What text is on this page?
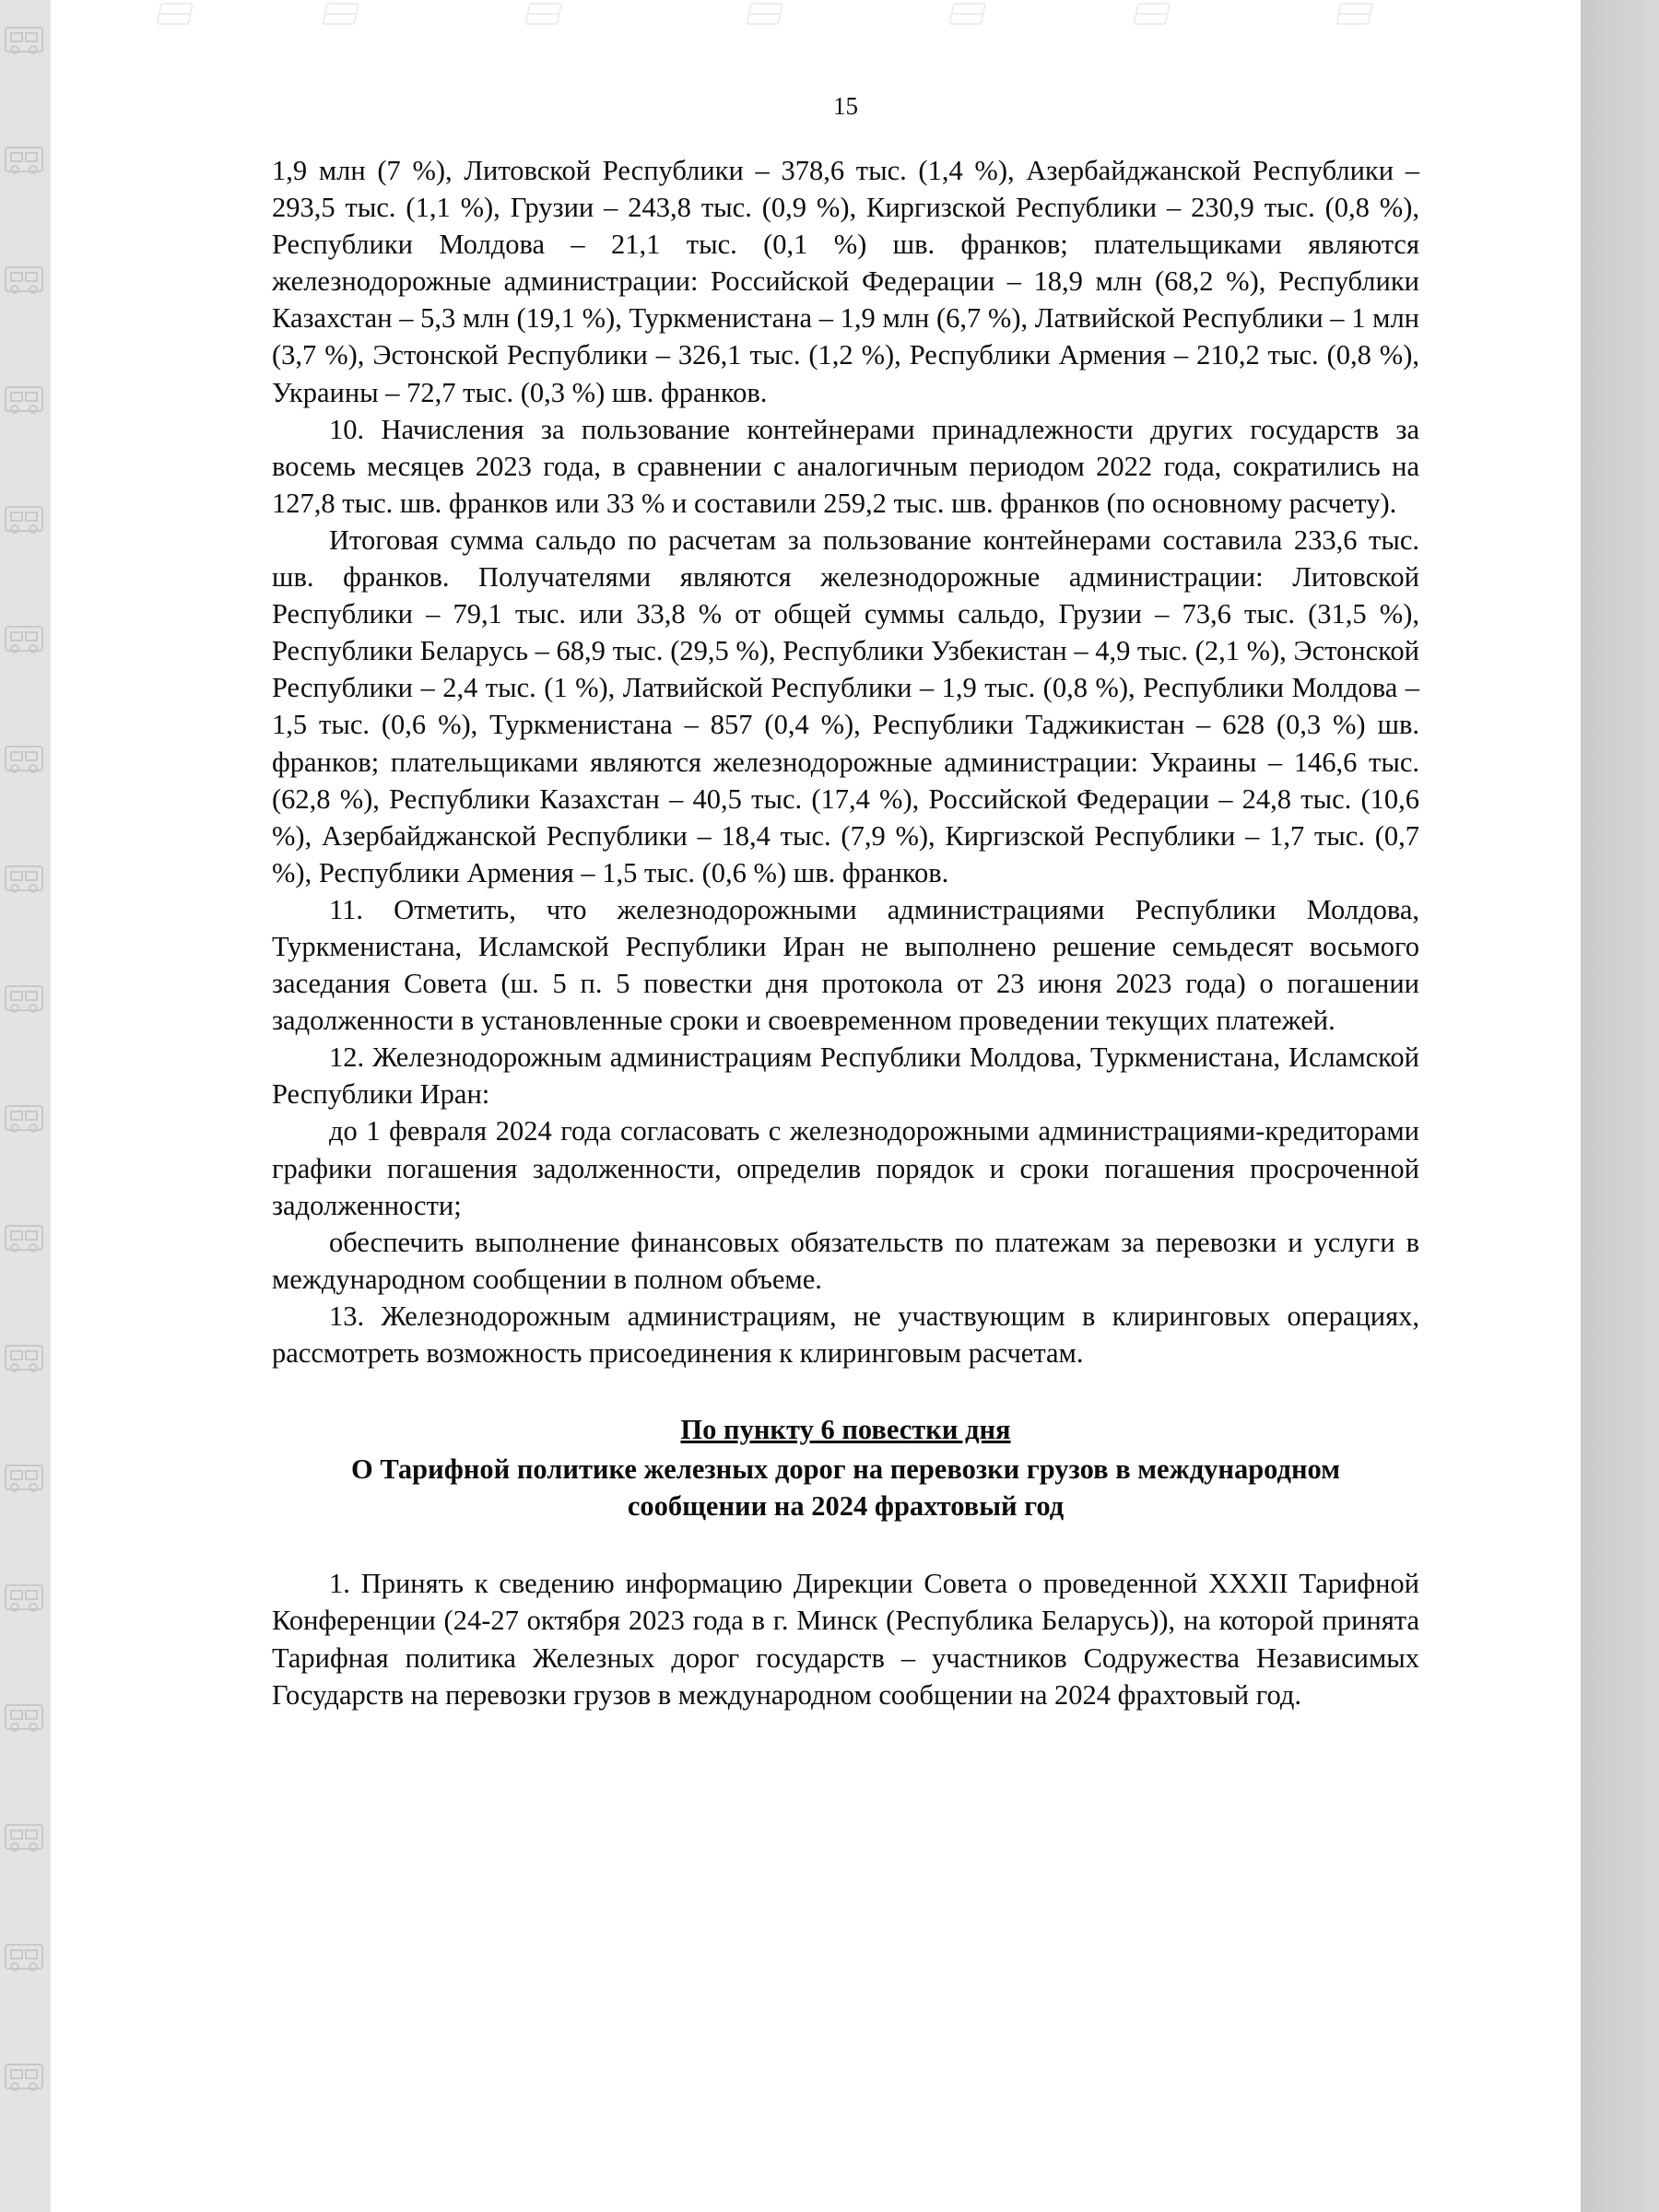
15

1,9 млн (7 %), Литовской Республики – 378,6 тыс. (1,4 %), Азербайджанской Республики – 293,5 тыс. (1,1 %), Грузии – 243,8 тыс. (0,9 %), Киргизской Республики – 230,9 тыс. (0,8 %), Республики Молдова – 21,1 тыс. (0,1 %) шв. франков; плательщиками являются железнодорожные администрации: Российской Федерации – 18,9 млн (68,2 %), Республики Казахстан – 5,3 млн (19,1 %), Туркменистана – 1,9 млн (6,7 %), Латвийской Республики – 1 млн (3,7 %), Эстонской Республики – 326,1 тыс. (1,2 %), Республики Армения – 210,2 тыс. (0,8 %), Украины – 72,7 тыс. (0,3 %) шв. франков.

10. Начисления за пользование контейнерами принадлежности других государств за восемь месяцев 2023 года, в сравнении с аналогичным периодом 2022 года, сократились на 127,8 тыс. шв. франков или 33 % и составили 259,2 тыс. шв. франков (по основному расчету).

Итоговая сумма сальдо по расчетам за пользование контейнерами составила 233,6 тыс. шв. франков. Получателями являются железнодорожные администрации: Литовской Республики – 79,1 тыс. или 33,8 % от общей суммы сальдо, Грузии – 73,6 тыс. (31,5 %), Республики Беларусь – 68,9 тыс. (29,5 %), Республики Узбекистан – 4,9 тыс. (2,1 %), Эстонской Республики – 2,4 тыс. (1 %), Латвийской Республики – 1,9 тыс. (0,8 %), Республики Молдова – 1,5 тыс. (0,6 %), Туркменистана – 857 (0,4 %), Республики Таджикистан – 628 (0,3 %) шв. франков; плательщиками являются железнодорожные администрации: Украины – 146,6 тыс. (62,8 %), Республики Казахстан – 40,5 тыс. (17,4 %), Российской Федерации – 24,8 тыс. (10,6 %), Азербайджанской Республики – 18,4 тыс. (7,9 %), Киргизской Республики – 1,7 тыс. (0,7 %), Республики Армения – 1,5 тыс. (0,6 %) шв. франков.

11. Отметить, что железнодорожными администрациями Республики Молдова, Туркменистана, Исламской Республики Иран не выполнено решение семьдесят восьмого заседания Совета (ш. 5 п. 5 повестки дня протокола от 23 июня 2023 года) о погашении задолженности в установленные сроки и своевременном проведении текущих платежей.

12. Железнодорожным администрациям Республики Молдова, Туркменистана, Исламской Республики Иран:

до 1 февраля 2024 года согласовать с железнодорожными администрациями-кредиторами графики погашения задолженности, определив порядок и сроки погашения просроченной задолженности;

обеспечить выполнение финансовых обязательств по платежам за перевозки и услуги в международном сообщении в полном объеме.

13. Железнодорожным администрациям, не участвующим в клиринговых операциях, рассмотреть возможность присоединения к клиринговым расчетам.

По пункту 6 повестки дня
О Тарифной политике железных дорог на перевозки грузов в международном сообщении на 2024 фрахтовый год

1. Принять к сведению информацию Дирекции Совета о проведенной XXXII Тарифной Конференции (24-27 октября 2023 года в г. Минск (Республика Беларусь)), на которой принята Тарифная политика Железных дорог государств – участников Содружества Независимых Государств на перевозки грузов в международном сообщении на 2024 фрахтовый год.
